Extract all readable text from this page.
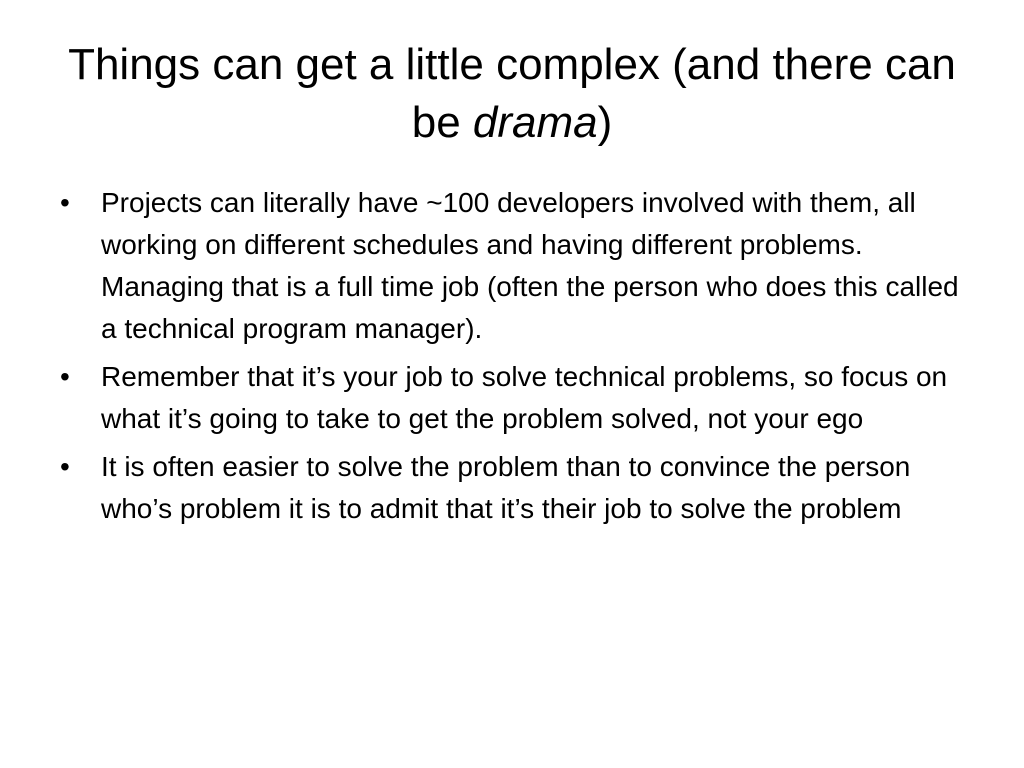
Things can get a little complex (and there can be drama)
•	Projects can literally have ~100 developers involved with them, all working on different schedules and having different problems. Managing that is a full time job (often the person who does this called a technical program manager).
•	Remember that it’s your job to solve technical problems, so focus on what it’s going to take to get the problem solved, not your ego
•	It is often easier to solve the problem than to convince the person who’s problem it is to admit that it’s their job to solve the problem
